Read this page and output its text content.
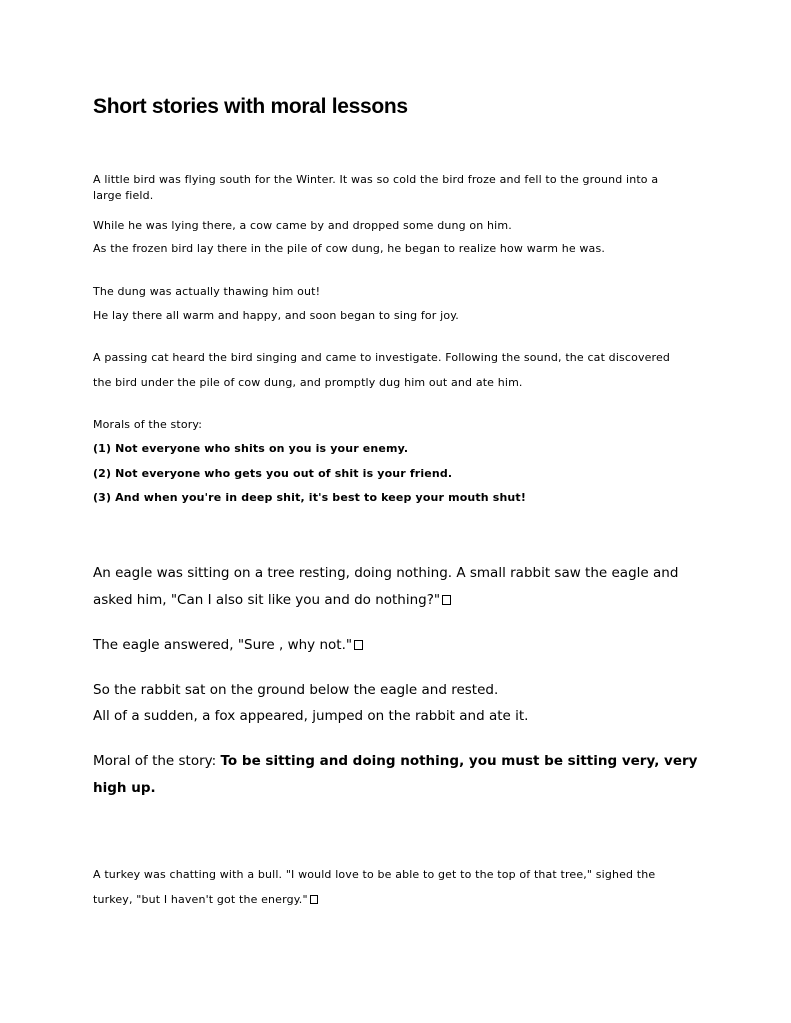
Short stories with moral lessons

A little bird was flying south for the Winter. It was so cold the bird froze and fell to the ground into a

large field.

While he was lying there, a cow came by and dropped some dung on him.

As the frozen bird lay there in the pile of cow dung, he began to realize how warm he was.

The dung was actually thawing him out!

He lay there all warm and happy, and soon began to sing for joy.

A passing cat heard the bird singing and came to investigate. Following the sound, the cat discovered

the bird under the pile of cow dung, and promptly dug him out and ate him.

Morals of the story:

(1) Not everyone who shits on you is your enemy.

(2) Not everyone who gets you out of shit is your friend.

(3) And when you're in deep shit, it's best to keep your mouth shut!

An eagle was sitting on a tree resting, doing nothing. A small rabbit saw the eagle and

asked him, "Can I also sit like you and do nothing?"

The eagle answered, "Sure , why not."

So the rabbit sat on the ground below the eagle and rested.

All of a sudden, a fox appeared, jumped on the rabbit and ate it.

Moral of the story: To be sitting and doing nothing, you must be sitting very, very

high up.

A turkey was chatting with a bull. "I would love to be able to get to the top of that tree," sighed the

turkey, "but I haven't got the energy."
